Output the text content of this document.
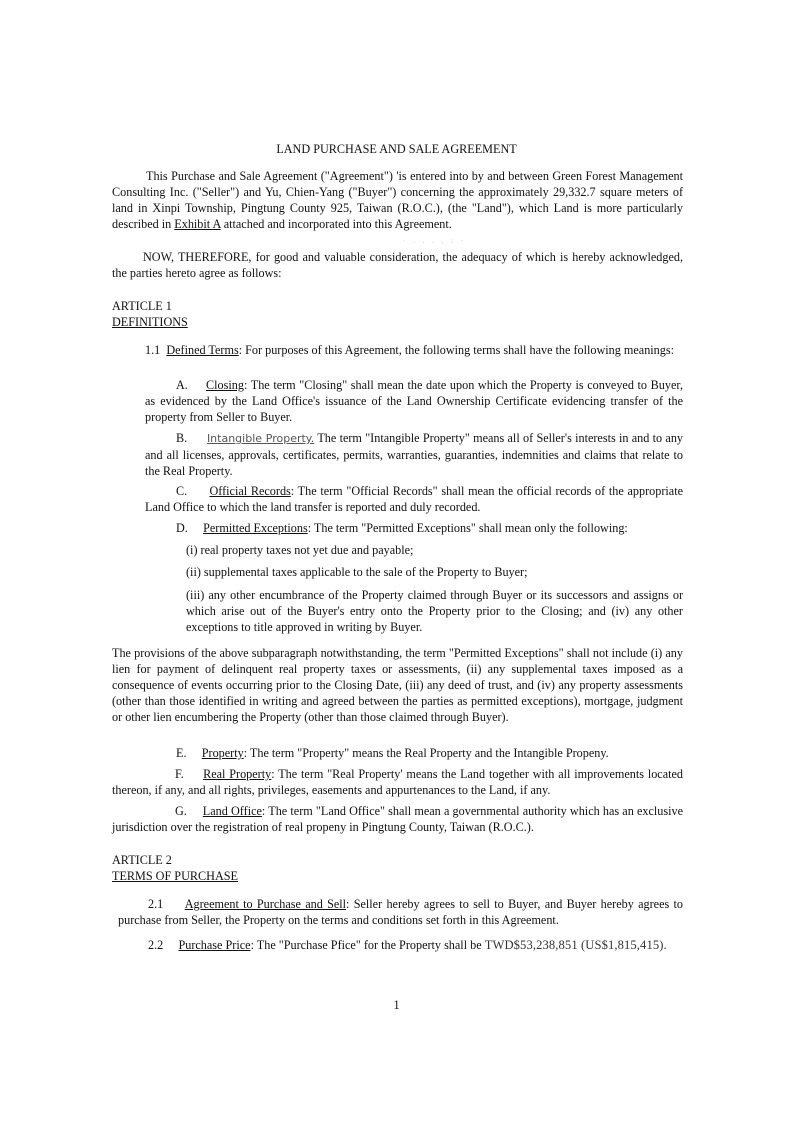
LAND PURCHASE AND SALE AGREEMENT

This Purchase and Sale Agreement ("Agreement") 'is entered into by and between Green Forest Management Consulting Inc. ("Seller") and Yu, Chien-Yang ("Buyer") concerning the approximately 29,332.7 square meters of land in Xinpi Township, Pingtung County 925, Taiwan (R.O.C.), (the "Land"), which Land is more particularly described in Exhibit A attached and incorporated into this Agreement.

· . . . . : ·

NOW, THEREFORE, for good and valuable consideration, the adequacy of which is hereby acknowledged, the parties hereto agree as follows:

ARTICLE 1

DEFINITIONS

1.1 Defined Terms: For purposes of this Agreement, the following terms shall have the following meanings:

A. Closing: The term "Closing" shall mean the date upon which the Property is conveyed to Buyer, as evidenced by the Land Office's issuance of the Land Ownership Certificate evidencing transfer of the property from Seller to Buyer.

B. Intangible Property. The term "Intangible Property" means all of Seller's interests in and to any and all licenses, approvals, certificates, permits, warranties, guaranties, indemnities and claims that relate to the Real Property.

C. Official Records: The term "Official Records" shall mean the official records of the appropriate Land Office to which the land transfer is reported and duly recorded.

D. Permitted Exceptions: The term "Permitted Exceptions" shall mean only the following:

(i) real property taxes not yet due and payable;
(ii) supplemental taxes applicable to the sale of the Property to Buyer;
(iii) any other encumbrance of the Property claimed through Buyer or its successors and assigns or which arise out of the Buyer's entry onto the Property prior to the Closing; and (iv) any other exceptions to title approved in writing by Buyer.
The provisions of the above subparagraph notwithstanding, the term "Permitted Exceptions" shall not include (i) any lien for payment of delinquent real property taxes or assessments, (ii) any supplemental taxes imposed as a consequence of events occurring prior to the Closing Date, (iii) any deed of trust, and (iv) any property assessments (other than those identified in writing and agreed between the parties as permitted exceptions), mortgage, judgment or other lien encumbering the Property (other than those claimed through Buyer).

E. Property: The term "Property" means the Real Property and the Intangible Propeny.

F. Real Property: The term "Real Property' means the Land together with all improvements located thereon, if any, and all rights, privileges, easements and appurtenances to the Land, if any.

G. Land Office: The term "Land Office" shall mean a governmental authority which has an exclusive jurisdiction over the registration of real propeny in Pingtung County, Taiwan (R.O.C.).

ARTICLE 2

TERMS OF PURCHASE

2.1 Agreement to Purchase and Sell: Seller hereby agrees to sell to Buyer, and Buyer hereby agrees to purchase from Seller, the Property on the terms and conditions set forth in this Agreement.

2.2 Purchase Price: The "Purchase Pfice" for the Property shall be TWD$53,238,851 (US$1,815,415).

1
